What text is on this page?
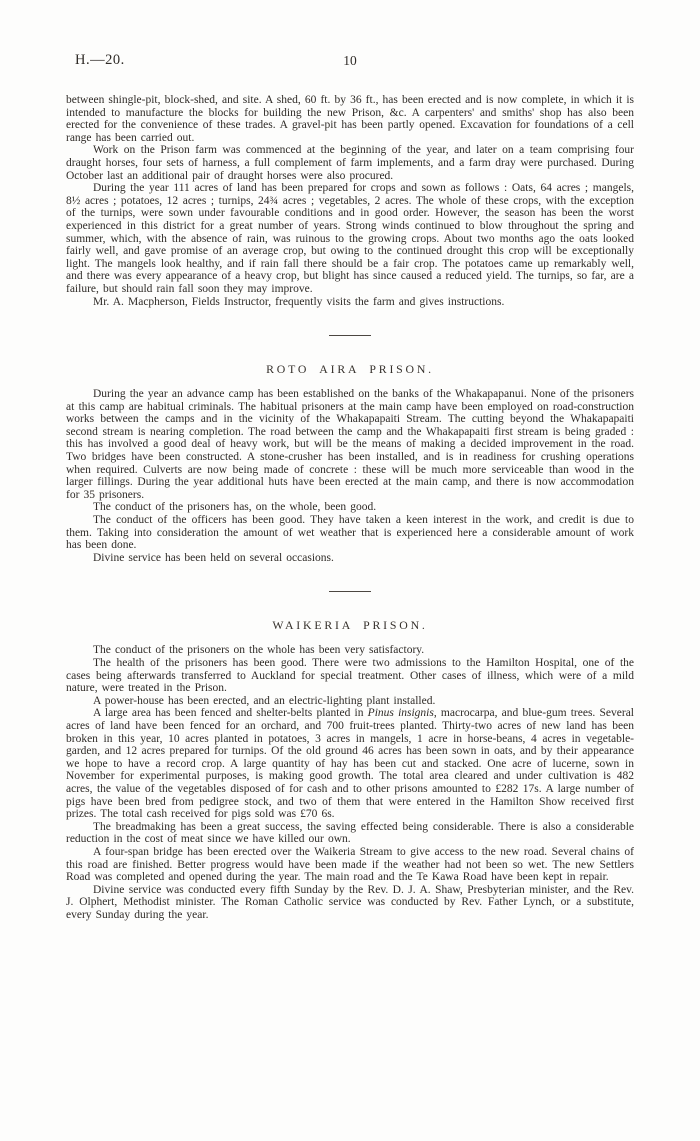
H.—20.	10

between shingle-pit, block-shed, and site. A shed, 60 ft. by 36 ft., has been erected and is now complete, in which it is intended to manufacture the blocks for building the new Prison, &c. A carpenters' and smiths' shop has also been erected for the convenience of these trades. A gravel-pit has been partly opened. Excavation for foundations of a cell range has been carried out.

Work on the Prison farm was commenced at the beginning of the year, and later on a team comprising four draught horses, four sets of harness, a full complement of farm implements, and a farm dray were purchased. During October last an additional pair of draught horses were also procured.

During the year 111 acres of land has been prepared for crops and sown as follows : Oats, 64 acres ; mangels, 8½ acres ; potatoes, 12 acres ; turnips, 24¾ acres ; vegetables, 2 acres. The whole of these crops, with the exception of the turnips, were sown under favourable conditions and in good order. However, the season has been the worst experienced in this district for a great number of years. Strong winds continued to blow throughout the spring and summer, which, with the absence of rain, was ruinous to the growing crops. About two months ago the oats looked fairly well, and gave promise of an average crop, but owing to the continued drought this crop will be exceptionally light. The mangels look healthy, and if rain fall there should be a fair crop. The potatoes came up remarkably well, and there was every appearance of a heavy crop, but blight has since caused a reduced yield. The turnips, so far, are a failure, but should rain fall soon they may improve.

Mr. A. Macpherson, Fields Instructor, frequently visits the farm and gives instructions.

ROTO AIRA PRISON.

During the year an advance camp has been established on the banks of the Whakapapanui. None of the prisoners at this camp are habitual criminals. The habitual prisoners at the main camp have been employed on road-construction works between the camps and in the vicinity of the Whakapapaiti Stream. The cutting beyond the Whakapapaiti second stream is nearing completion. The road between the camp and the Whakapapaiti first stream is being graded : this has involved a good deal of heavy work, but will be the means of making a decided improvement in the road. Two bridges have been constructed. A stone-crusher has been installed, and is in readiness for crushing operations when required. Culverts are now being made of concrete : these will be much more serviceable than wood in the larger fillings. During the year additional huts have been erected at the main camp, and there is now accommodation for 35 prisoners.

The conduct of the prisoners has, on the whole, been good.

The conduct of the officers has been good. They have taken a keen interest in the work, and credit is due to them. Taking into consideration the amount of wet weather that is experienced here a considerable amount of work has been done.

Divine service has been held on several occasions.

WAIKERIA PRISON.

The conduct of the prisoners on the whole has been very satisfactory.

The health of the prisoners has been good. There were two admissions to the Hamilton Hospital, one of the cases being afterwards transferred to Auckland for special treatment. Other cases of illness, which were of a mild nature, were treated in the Prison.

A power-house has been erected, and an electric-lighting plant installed.

A large area has been fenced and shelter-belts planted in Pinus insignis, macrocarpa, and blue-gum trees. Several acres of land have been fenced for an orchard, and 700 fruit-trees planted. Thirty-two acres of new land has been broken in this year, 10 acres planted in potatoes, 3 acres in mangels, 1 acre in horse-beans, 4 acres in vegetable-garden, and 12 acres prepared for turnips. Of the old ground 46 acres has been sown in oats, and by their appearance we hope to have a record crop. A large quantity of hay has been cut and stacked. One acre of lucerne, sown in November for experimental purposes, is making good growth. The total area cleared and under cultivation is 482 acres, the value of the vegetables disposed of for cash and to other prisons amounted to £282 17s. A large number of pigs have been bred from pedigree stock, and two of them that were entered in the Hamilton Show received first prizes. The total cash received for pigs sold was £70 6s.

The breadmaking has been a great success, the saving effected being considerable. There is also a considerable reduction in the cost of meat since we have killed our own.

A four-span bridge has been erected over the Waikeria Stream to give access to the new road. Several chains of this road are finished. Better progress would have been made if the weather had not been so wet. The new Settlers Road was completed and opened during the year. The main road and the Te Kawa Road have been kept in repair.

Divine service was conducted every fifth Sunday by the Rev. D. J. A. Shaw, Presbyterian minister, and the Rev. J. Olphert, Methodist minister. The Roman Catholic service was conducted by Rev. Father Lynch, or a substitute, every Sunday during the year.
